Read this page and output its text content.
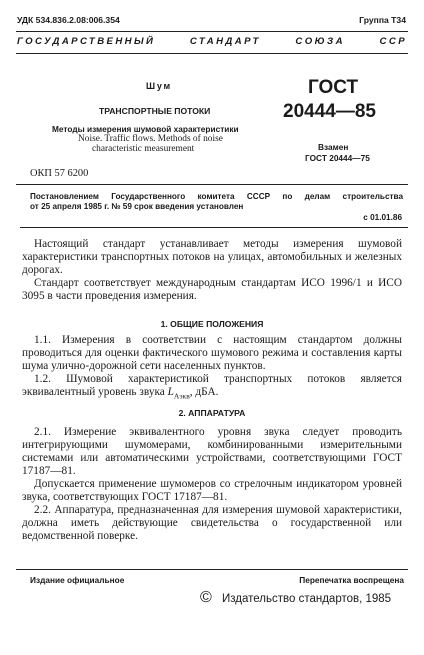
УДК 534.836.2.08:006.354	Группа Т34
ГОСУДАРСТВЕННЫЙ СТАНДАРТ СОЮЗА ССР
Шум
ТРАНСПОРТНЫЕ ПОТОКИ
Методы измерения шумовой характеристики
Noise. Traffic flows. Methods of noise
characteristic measurement
ОКП 57 6200
ГОСТ
20444—85
Взамен
ГОСТ 20444—75
Постановлением Государственного комитета СССР по делам строительства
от 25 апреля 1985 г. № 59 срок введения установлен
с 01.01.86

Настоящий стандарт устанавливает методы измерения шумовой характеристики транспортных потоков на улицах, автомобильных и железных дорогах.

Стандарт соответствует международным стандартам ИСО 1996/1 и ИСО 3095 в части проведения измерения.

1. ОБЩИЕ ПОЛОЖЕНИЯ

1.1. Измерения в соответствии с настоящим стандартом должны проводиться для оценки фактического шумового режима и составления карты шума улично-дорожной сети населенных пунктов.

1.2. Шумовой характеристикой транспортных потоков является эквивалентный уровень звука $L_{Аэкв}$, дБА.

2. АППАРАТУРА

2.1. Измерение эквивалентного уровня звука следует проводить интегрирующими шумомерами, комбинированными измерительными системами или автоматическими устройствами, соответствующими ГОСТ 17187—81.

Допускается применение шумомеров со стрелочным индикатором уровней звука, соответствующих ГОСТ 17187—81.

2.2. Аппаратура, предназначенная для измерения шумовой характеристики, должна иметь действующие свидетельства о государственной или ведомственной поверке.

Издание официальное	Перепечатка воспрещена
© Издательство стандартов, 1985
